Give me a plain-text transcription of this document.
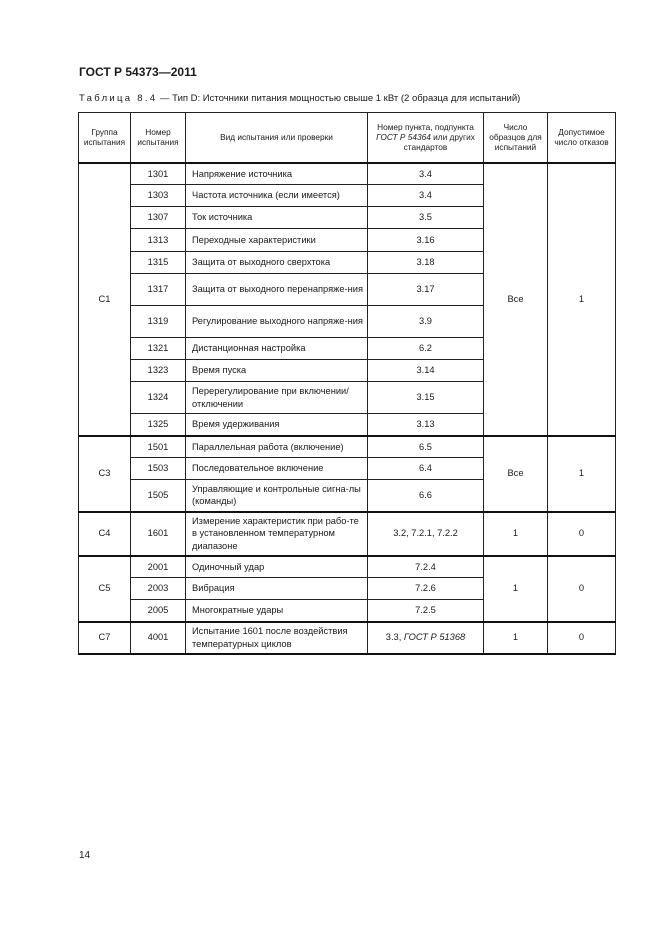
ГОСТ Р 54373—2011
Таблица 8.4 — Тип D: Источники питания мощностью свыше 1 кВт (2 образца для испытаний)
Группа испытания	Номер испытания	Вид испытания или проверки	Номер пункта, подпункта ГОСТ Р 54364 или других стандартов	Число образцов для испытаний	Допустимое число отказов
С1	1301	Напряжение источника	3.4	Все	1
	1303	Частота источника (если имеется)	3.4		
	1307	Ток источника	3.5		
	1313	Переходные характеристики	3.16		
	1315	Защита от выходного сверхтока	3.18		
	1317	Защита от выходного перенапряже-ния	3.17		
	1319	Регулирование выходного напряже-ния	3.9		
	1321	Дистанционная настройка	6.2		
	1323	Время пуска	3.14		
	1324	Перерегулирование при включении/отключении	3.15		
	1325	Время удерживания	3.13		
С3	1501	Параллельная работа (включение)	6.5	Все	1
	1503	Последовательное включение	6.4		
	1505	Управляющие и контрольные сигна-лы (команды)	6.6		
С4	1601	Измерение характеристик при рабо-те в установленном температурном диапазоне	3.2, 7.2.1, 7.2.2	1	0
С5	2001	Одиночный удар	7.2.4	1	0
	2003	Вибрация	7.2.6		
	2005	Многократные удары	7.2.5		
С7	4001	Испытание 1601 после воздействия температурных циклов	3.3, ГОСТ Р 51368	1	0
14
